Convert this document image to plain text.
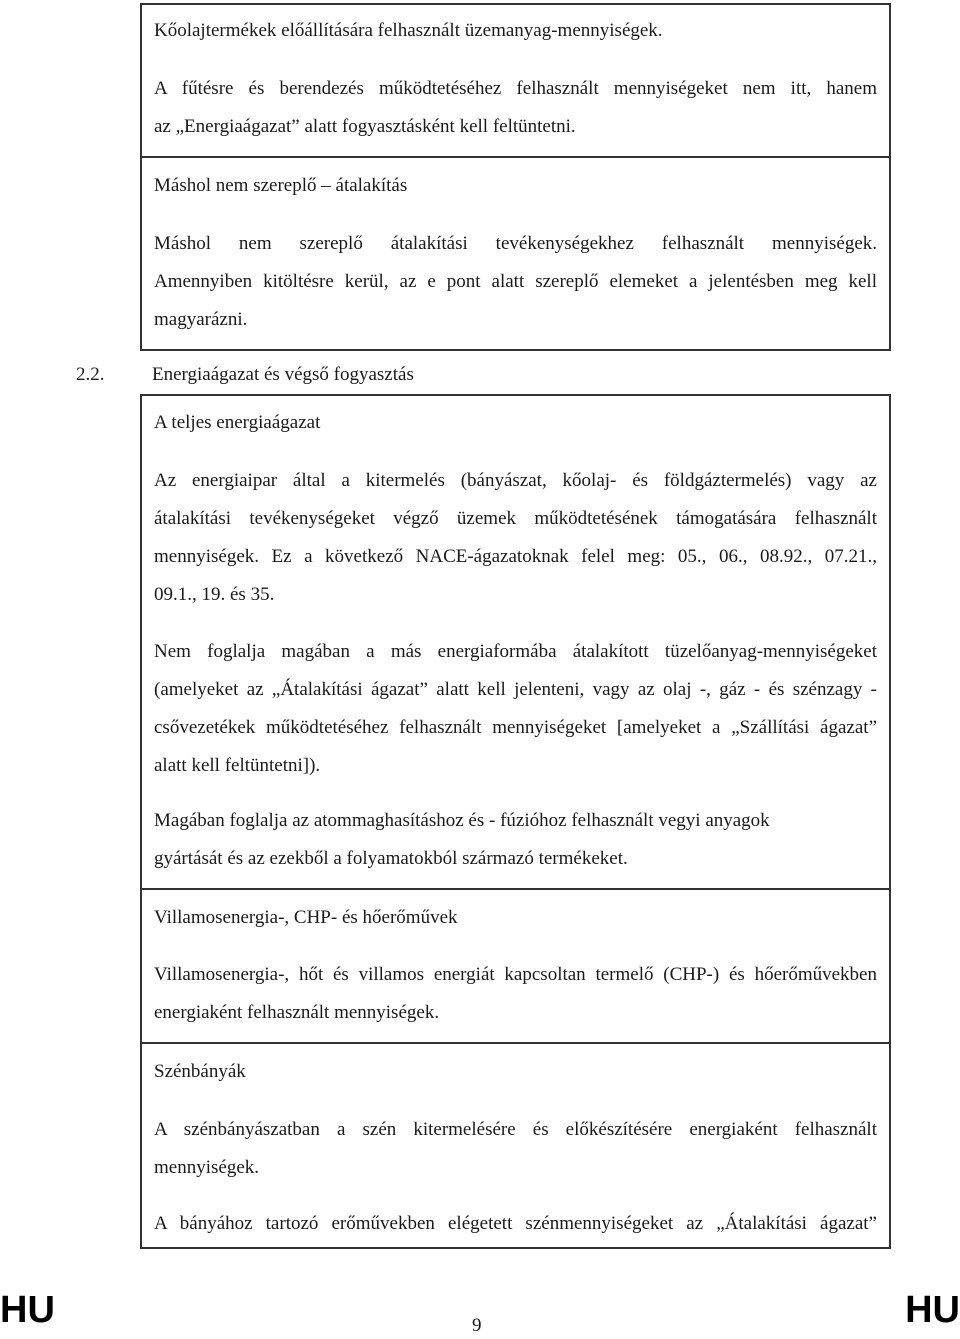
Kőolajtermékek előállítására felhasznált üzemanyag-mennyiségek.
A fűtésre és berendezés működtetéséhez felhasznált mennyiségeket nem itt, hanem
az „Energiaágazat” alatt fogyasztásként kell feltüntetni.
Máshol nem szereplő – átalakítás
Máshol nem szereplő átalakítási tevékenységekhez felhasznált mennyiségek.
Amennyiben kitöltésre kerül, az e pont alatt szereplő elemeket a jelentésben meg kell
magyarázni.
2.2.	Energiaágazat és végső fogyasztás
A teljes energiaágazat
Az energiaipar által a kitermelés (bányászat, kőolaj- és földgáztermelés) vagy az
átalakítási tevékenységeket végző üzemek működtetésének támogatására felhasznált
mennyiségek. Ez a következő NACE-ágazatoknak felel meg: 05., 06., 08.92., 07.21.,
09.1., 19. és 35.
Nem foglalja magában a más energiaformába átalakított tüzelőanyag-mennyiségeket
(amelyeket az „Átalakítási ágazat” alatt kell jelenteni, vagy az olaj -, gáz - és szénzagy -
csővezetékek működtetéséhez felhasznált mennyiségeket [amelyeket a „Szállítási ágazat”
alatt kell feltüntetni]).
Magában foglalja az atommaghasításhoz és - fúzióhoz felhasznált vegyi anyagok
gyártását és az ezekből a folyamatokból származó termékeket.
Villamosenergia-, CHP- és hőerőművek
Villamosenergia-, hőt és villamos energiát kapcsoltan termelő (CHP-) és hőerőművekben
energiaként felhasznált mennyiségek.
Szénbányák
A szénbányászatban a szén kitermelésére és előkészítésére energiaként felhasznált
mennyiségek.
A bányához tartozó erőművekben elégetett szénmennyiségeket az „Átalakítási ágazat”
HU	9	HU
